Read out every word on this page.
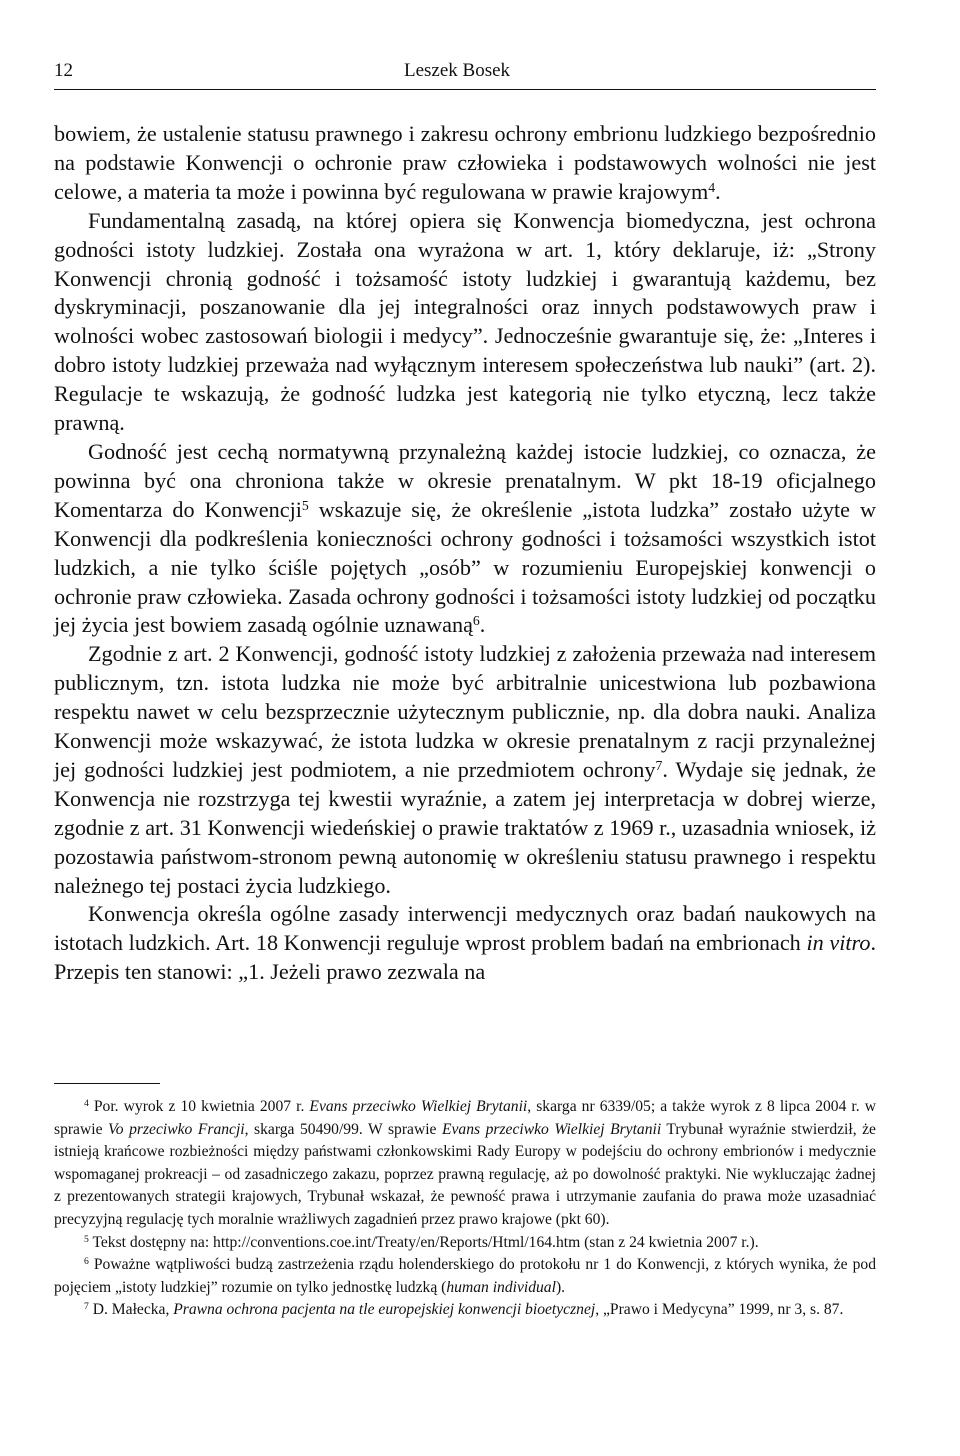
12	Leszek Bosek

bowiem, że ustalenie statusu prawnego i zakresu ochrony embrionu ludzkiego bezpośrednio na podstawie Konwencji o ochronie praw człowieka i podstawowych wolności nie jest celowe, a materia ta może i powinna być regulowana w prawie krajowym$^4$.

Fundamentalną zasadą, na której opiera się Konwencja biomedyczna, jest ochrona godności istoty ludzkiej. Została ona wyrażona w art. 1, który deklaruje, iż: „Strony Konwencji chronią godność i tożsamość istoty ludzkiej i gwarantują każdemu, bez dyskryminacji, poszanowanie dla jej integralności oraz innych podstawowych praw i wolności wobec zastosowań biologii i medycy”. Jednocześnie gwarantuje się, że: „Interes i dobro istoty ludzkiej przeważa nad wyłącznym interesem społeczeństwa lub nauki” (art. 2). Regulacje te wskazują, że godność ludzka jest kategorią nie tylko etyczną, lecz także prawną.

Godność jest cechą normatywną przynależną każdej istocie ludzkiej, co oznacza, że powinna być ona chroniona także w okresie prenatalnym. W pkt 18-19 oficjalnego Komentarza do Konwencji$^5$ wskazuje się, że określenie „istota ludzka” zostało użyte w Konwencji dla podkreślenia konieczności ochrony godności i tożsamości wszystkich istot ludzkich, a nie tylko ściśle pojętych „osób” w rozumieniu Europejskiej konwencji o ochronie praw człowieka. Zasada ochrony godności i tożsamości istoty ludzkiej od początku jej życia jest bowiem zasadą ogólnie uznawaną$^6$.

Zgodnie z art. 2 Konwencji, godność istoty ludzkiej z założenia przeważa nad interesem publicznym, tzn. istota ludzka nie może być arbitralnie unicestwiona lub pozbawiona respektu nawet w celu bezsprzecznie użytecznym publicznie, np. dla dobra nauki. Analiza Konwencji może wskazywać, że istota ludzka w okresie prenatalnym z racji przynależnej jej godności ludzkiej jest podmiotem, a nie przedmiotem ochrony$^7$. Wydaje się jednak, że Konwencja nie rozstrzyga tej kwestii wyraźnie, a zatem jej interpretacja w dobrej wierze, zgodnie z art. 31 Konwencji wiedeńskiej o prawie traktatów z 1969 r., uzasadnia wniosek, iż pozostawia państwom-stronom pewną autonomię w określeniu statusu prawnego i respektu należnego tej postaci życia ludzkiego.

Konwencja określa ogólne zasady interwencji medycznych oraz badań naukowych na istotach ludzkich. Art. 18 Konwencji reguluje wprost problem badań na embrionach in vitro. Przepis ten stanowi: „1. Jeżeli prawo zezwala na

$^4$ Por. wyrok z 10 kwietnia 2007 r. Evans przeciwko Wielkiej Brytanii, skarga nr 6339/05; a także wyrok z 8 lipca 2004 r. w sprawie Vo przeciwko Francji, skarga 50490/99. W sprawie Evans przeciwko Wielkiej Brytanii Trybunał wyraźnie stwierdził, że istnieją krańcowe rozbieżności między państwami członkowskimi Rady Europy w podejściu do ochrony embrionów i medycznie wspomaganej prokreacji – od zasadniczego zakazu, poprzez prawną regulację, aż po dowolność praktyki. Nie wykluczając żadnej z prezentowanych strategii krajowych, Trybunał wskazał, że pewność prawa i utrzymanie zaufania do prawa może uzasadniać precyzyjną regulację tych moralnie wrażliwych zagadnień przez prawo krajowe (pkt 60).

$^5$ Tekst dostępny na: http://conventions.coe.int/Treaty/en/Reports/Html/164.htm (stan z 24 kwietnia 2007 r.).

$^6$ Poważne wątpliwości budzą zastrzeżenia rządu holenderskiego do protokołu nr 1 do Konwencji, z których wynika, że pod pojęciem „istoty ludzkiej” rozumie on tylko jednostkę ludzką (human individual).

$^7$ D. Małecka, Prawna ochrona pacjenta na tle europejskiej konwencji bioetycznej, „Prawo i Medycyna” 1999, nr 3, s. 87.
